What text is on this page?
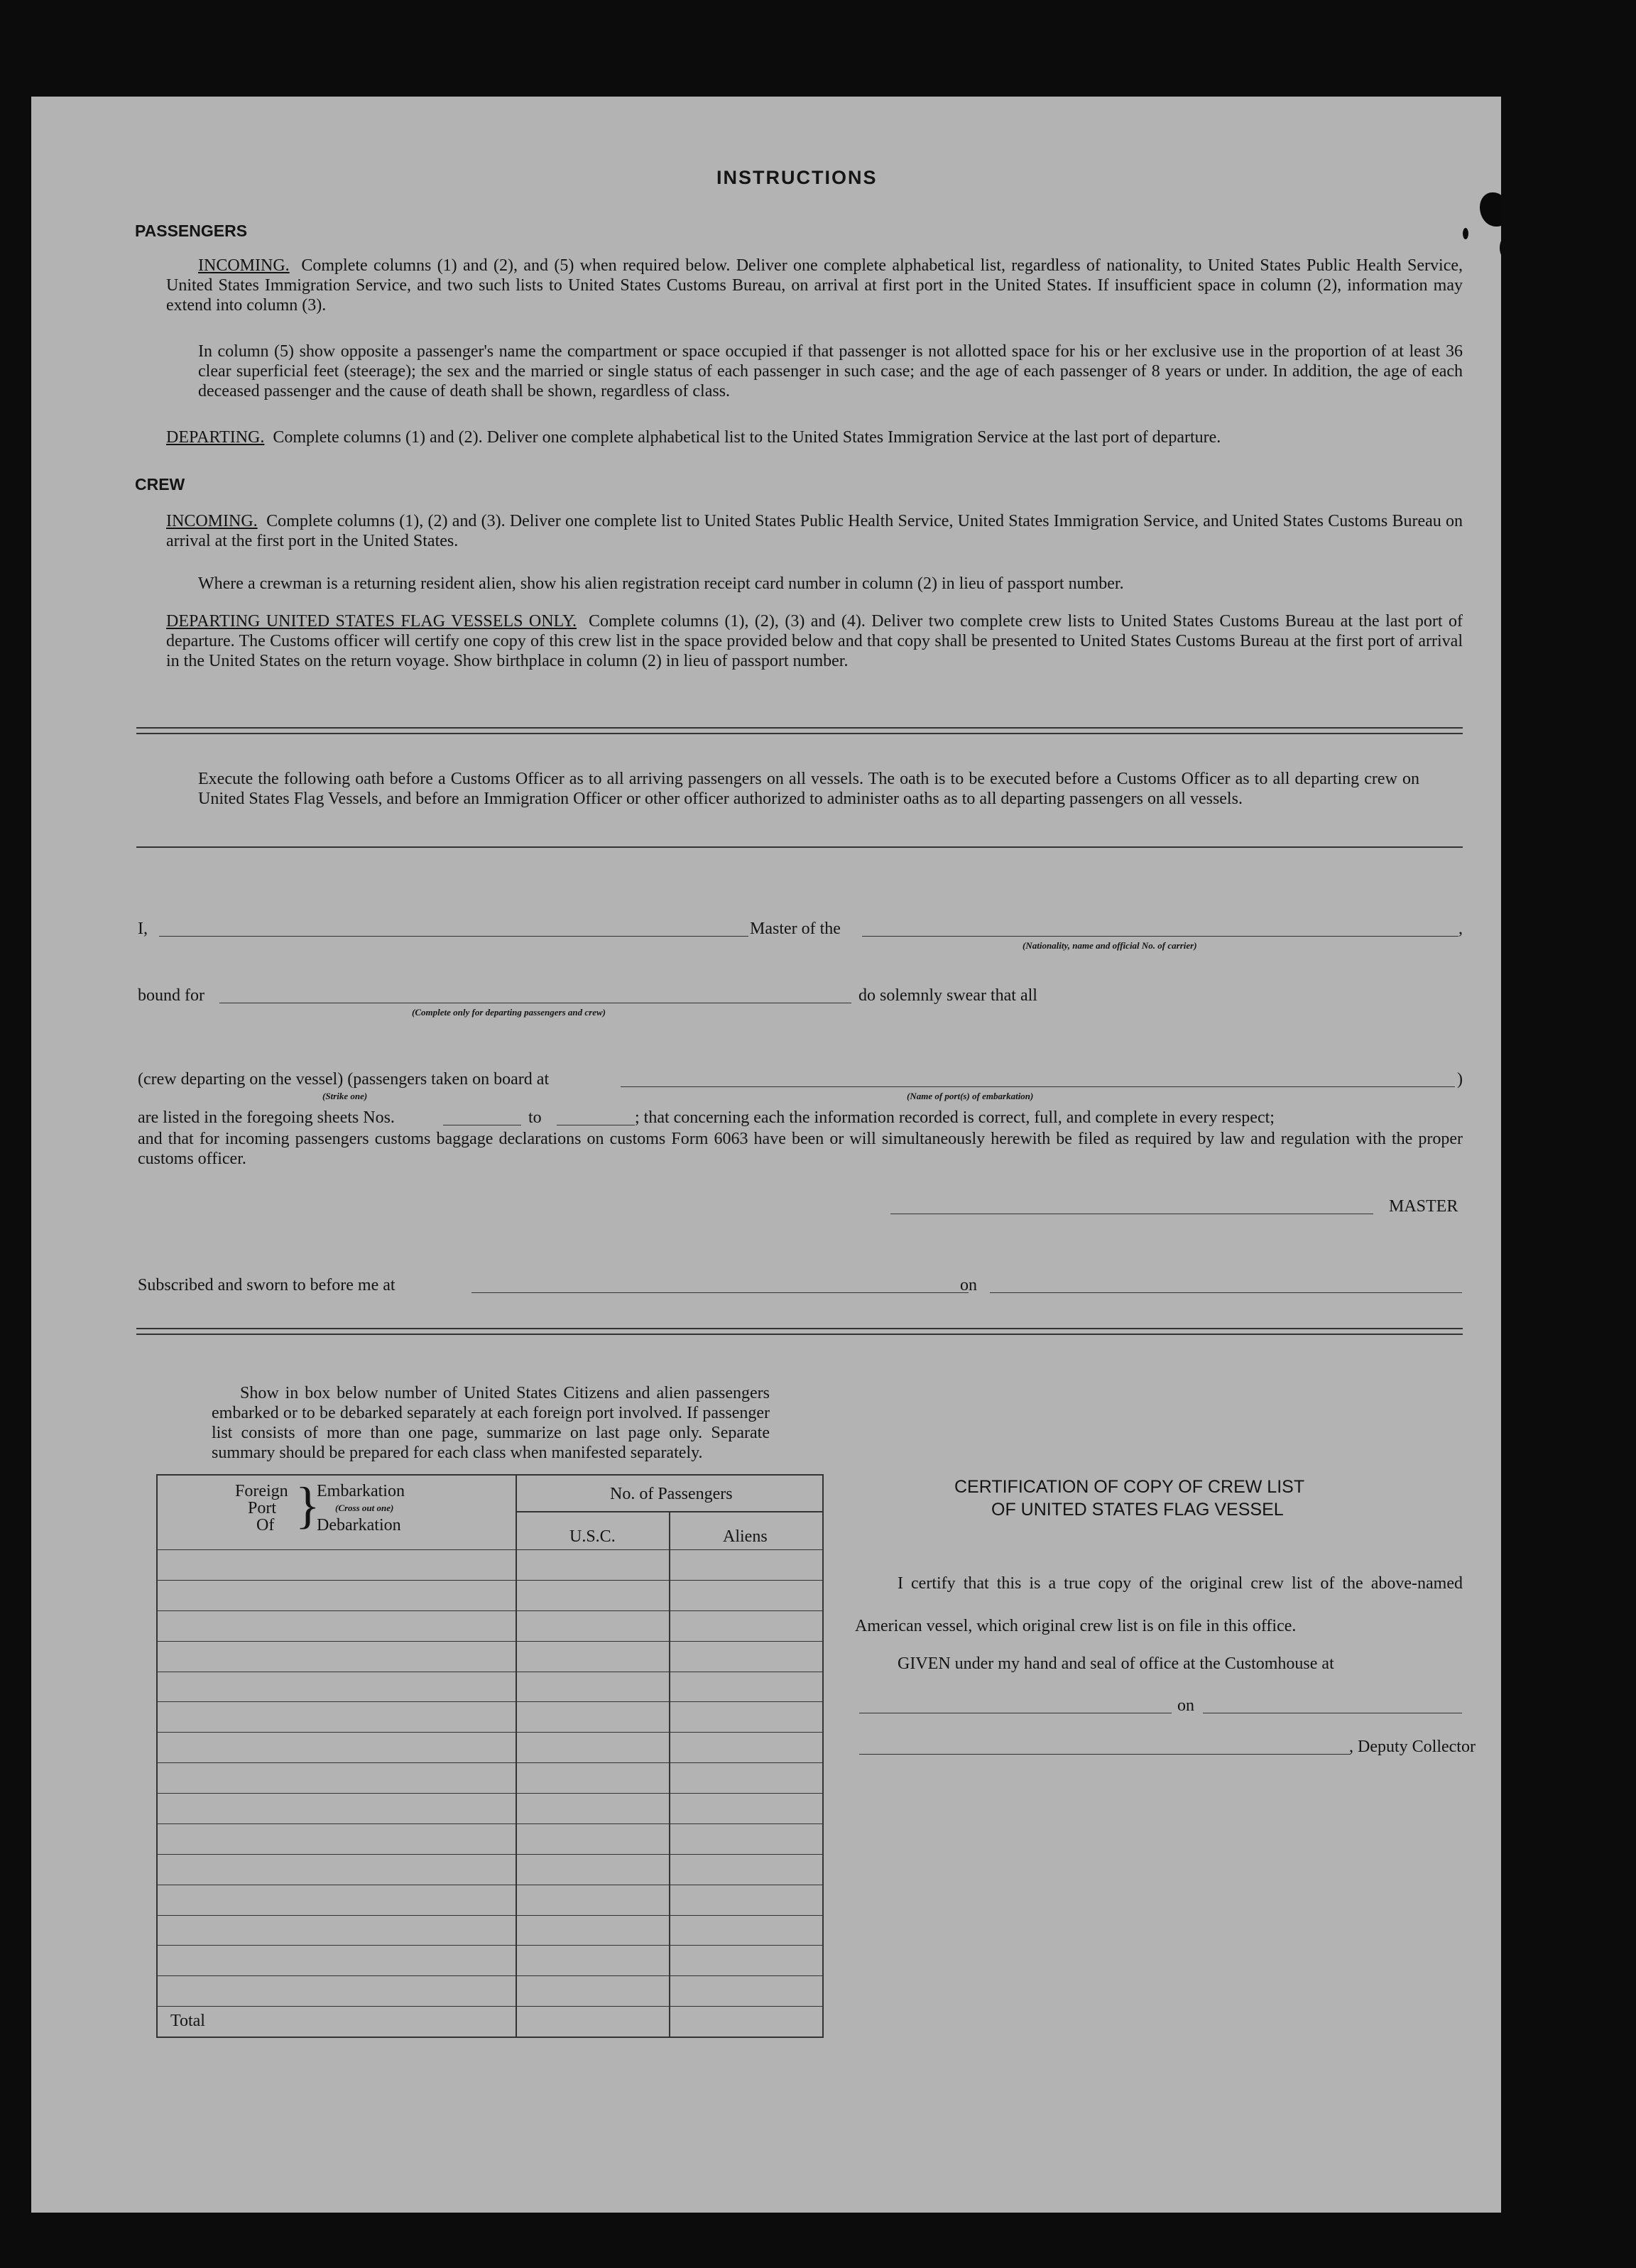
INSTRUCTIONS
PASSENGERS
INCOMING. Complete columns (1) and (2), and (5) when required below. Deliver one complete alphabetical list, regardless of nationality, to United States Public Health Service, United States Immigration Service, and two such lists to United States Customs Bureau, on arrival at first port in the United States. If insufficient space in column (2), information may extend into column (3).
In column (5) show opposite a passenger's name the compartment or space occupied if that passenger is not allotted space for his or her exclusive use in the proportion of at least 36 clear superficial feet (steerage); the sex and the married or single status of each passenger in such case; and the age of each passenger of 8 years or under. In addition, the age of each deceased passenger and the cause of death shall be shown, regardless of class.
DEPARTING. Complete columns (1) and (2). Deliver one complete alphabetical list to the United States Immigration Service at the last port of departure.
CREW
INCOMING. Complete columns (1), (2) and (3). Deliver one complete list to United States Public Health Service, United States Immigration Service, and United States Customs Bureau on arrival at the first port in the United States.
Where a crewman is a returning resident alien, show his alien registration receipt card number in column (2) in lieu of passport number.
DEPARTING UNITED STATES FLAG VESSELS ONLY. Complete columns (1), (2), (3) and (4). Deliver two complete crew lists to United States Customs Bureau at the last port of departure. The Customs officer will certify one copy of this crew list in the space provided below and that copy shall be presented to United States Customs Bureau at the first port of arrival in the United States on the return voyage. Show birthplace in column (2) in lieu of passport number.
Execute the following oath before a Customs Officer as to all arriving passengers on all vessels. The oath is to be executed before a Customs Officer as to all departing crew on United States Flag Vessels, and before an Immigration Officer or other officer authorized to administer oaths as to all departing passengers on all vessels.
I,	Master of the	,
(Nationality, name and official No. of carrier)
bound for
(Complete only for departing passengers and crew)
do solemnly swear that all
(crew departing on the vessel) (passengers taken on board at	)
(Strike one)	(Name of port(s) of embarkation)
are listed in the foregoing sheets Nos.	to	; that concerning each the information recorded is correct, full, and complete in every respect;
and that for incoming passengers customs baggage declarations on customs Form 6063 have been or will simultaneously herewith be filed as required by law and regulation with the proper customs officer.
MASTER
Subscribed and sworn to before me at	on
Show in box below number of United States Citizens and alien passengers embarked or to be debarked separately at each foreign port involved. If passenger list consists of more than one page, summarize on last page only. Separate summary should be prepared for each class when manifested separately.
Foreign
Port
Of }
Embarkation
(Cross out one)
Debarkation
No. of Passengers
U.S.C.	Aliens
Total
CERTIFICATION OF COPY OF CREW LIST
OF UNITED STATES FLAG VESSEL
I certify that this is a true copy of the original crew list of the above-named American vessel, which original crew list is on file in this office.
GIVEN under my hand and seal of office at the Customhouse at
on
, Deputy Collector
